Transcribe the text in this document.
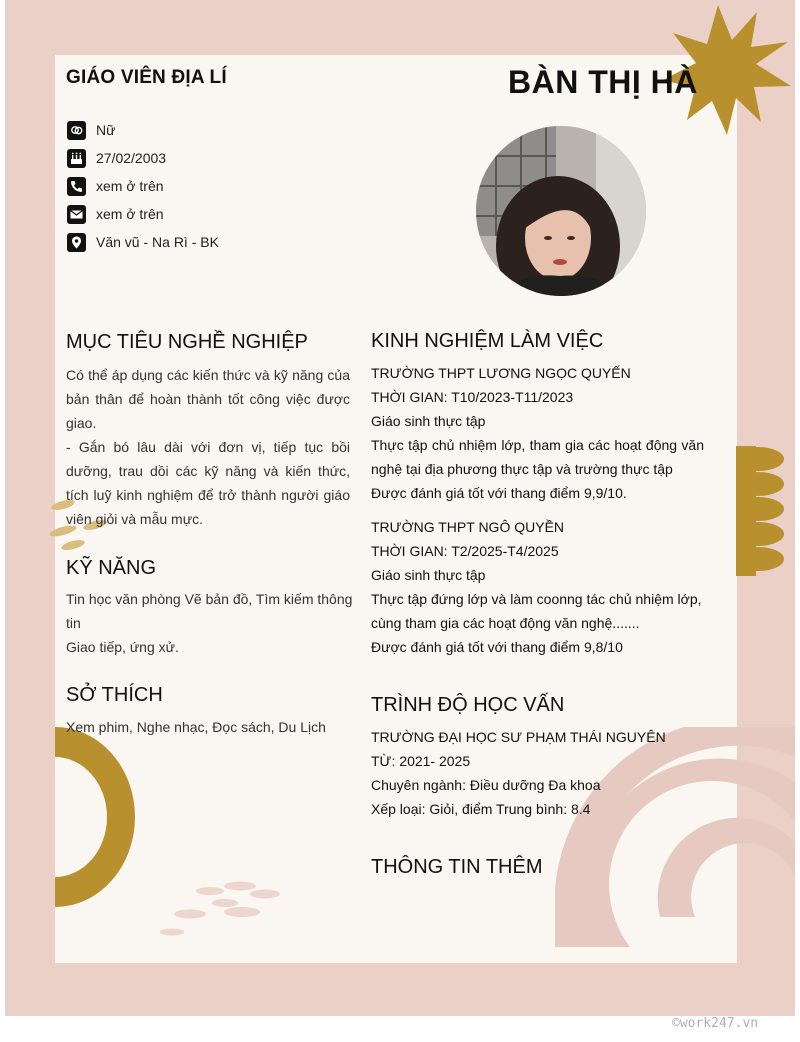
GIÁO VIÊN ĐỊA LÍ	BÀN THỊ HÀ
Nữ
27/02/2003
xem ở trên
xem ở trên
Văn vũ - Na Rì - BK
MỤC TIÊU NGHỀ NGHIỆP
Có thể áp dụng các kiến thức và kỹ năng của bản thân để hoàn thành tốt công việc được giao.
- Gắn bó lâu dài với đơn vị, tiếp tục bồi dưỡng, trau dồi các kỹ năng và kiến thức, tích luỹ kinh nghiệm để trở thành người giáo viên giỏi và mẫu mực.
KỸ NĂNG
Tin học văn phòng Vẽ bản đồ, Tìm kiếm thông tin
Giao tiếp, ứng xử.
SỞ THÍCH
Xem phim, Nghe nhạc, Đọc sách, Du Lịch
KINH NGHIỆM LÀM VIỆC
TRƯỜNG THPT LƯƠNG NGỌC QUYẾN
THỜI GIAN: T10/2023-T11/2023
Giáo sinh thực tập
Thực tập chủ nhiệm lớp, tham gia các hoạt động văn nghệ tại địa phương thực tập và trường thực tập
Được đánh giá tốt với thang điểm 9,9/10.
TRƯỜNG THPT NGÔ QUYỀN
THỜI GIAN: T2/2025-T4/2025
Giáo sinh thực tập
Thực tập đứng lớp và làm coonng tác chủ nhiệm lớp, cùng tham gia các hoạt động văn nghệ.......
Được đánh giá tốt với thang điểm 9,8/10
TRÌNH ĐỘ HỌC VẤN
TRƯỜNG ĐẠI HỌC SƯ PHẠM THÁI NGUYÊN
TỪ: 2021- 2025
Chuyên ngành: Điều dưỡng Đa khoa
Xếp loại: Giỏi, điểm Trung bình: 8.4
THÔNG TIN THÊM
©work247.vn
